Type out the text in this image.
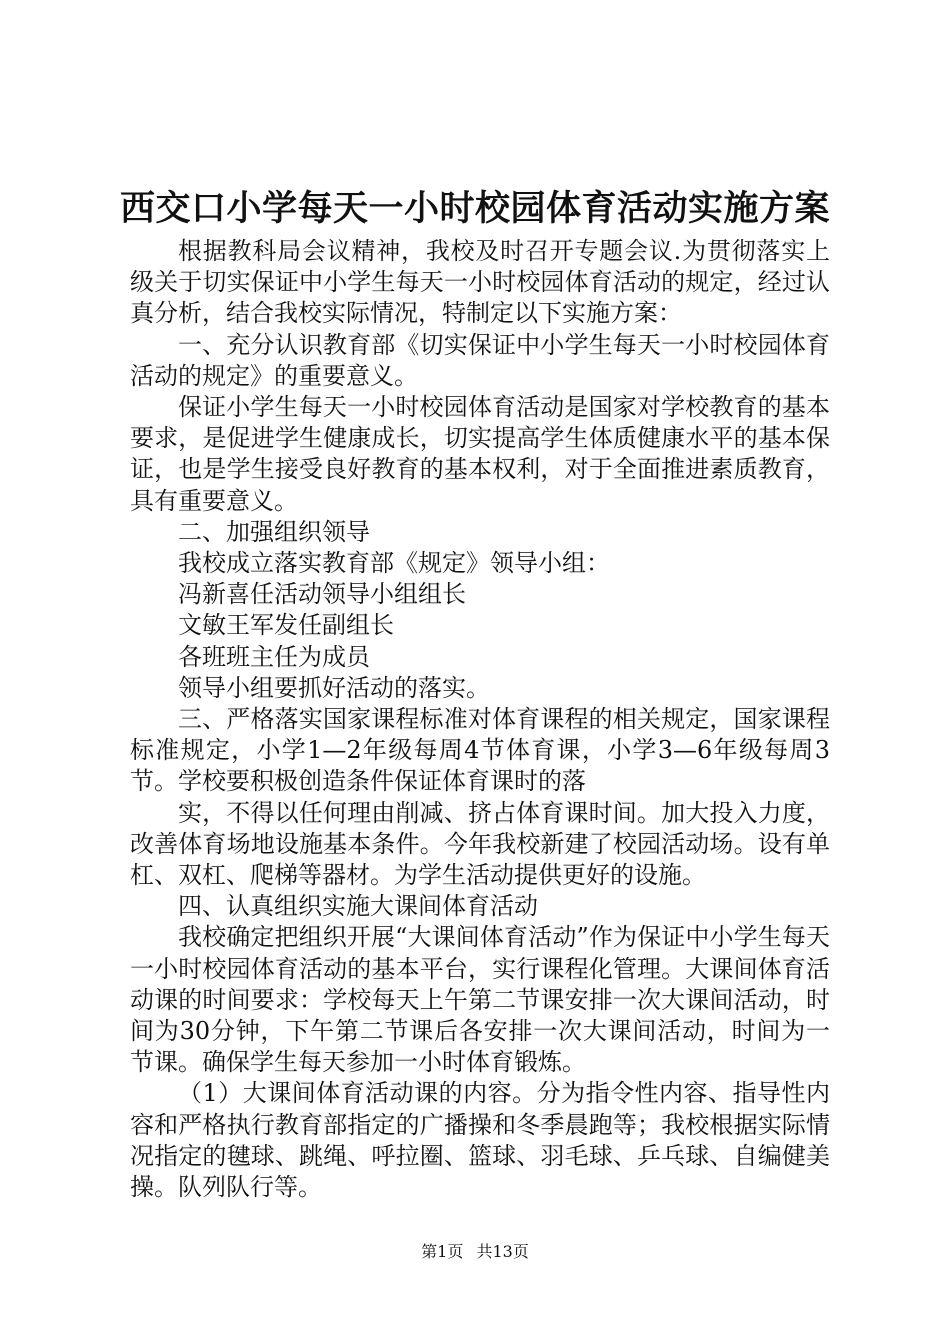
西交口小学每天一小时校园体育活动实施方案

根据教科局会议精神，我校及时召开专题会议.为贯彻落实上级关于切实保证中小学生每天一小时校园体育活动的规定，经过认真分析，结合我校实际情况，特制定以下实施方案：

一、充分认识教育部《切实保证中小学生每天一小时校园体育活动的规定》的重要意义。

保证小学生每天一小时校园体育活动是国家对学校教育的基本要求，是促进学生健康成长，切实提高学生体质健康水平的基本保证，也是学生接受良好教育的基本权利，对于全面推进素质教育，具有重要意义。

二、加强组织领导

我校成立落实教育部《规定》领导小组：

冯新喜任活动领导小组组长

文敏王军发任副组长

各班班主任为成员

领导小组要抓好活动的落实。

三、严格落实国家课程标准对体育课程的相关规定，国家课程标准规定，小学1—2年级每周4节体育课，小学3—6年级每周3节。学校要积极创造条件保证体育课时的落

实，不得以任何理由削减、挤占体育课时间。加大投入力度，改善体育场地设施基本条件。今年我校新建了校园活动场。设有单杠、双杠、爬梯等器材。为学生活动提供更好的设施。

四、认真组织实施大课间体育活动

我校确定把组织开展“大课间体育活动”作为保证中小学生每天一小时校园体育活动的基本平台，实行课程化管理。大课间体育活动课的时间要求：学校每天上午第二节课安排一次大课间活动，时间为30分钟，下午第二节课后各安排一次大课间活动，时间为一节课。确保学生每天参加一小时体育锻炼。

（1）大课间体育活动课的内容。分为指令性内容、指导性内容和严格执行教育部指定的广播操和冬季晨跑等；我校根据实际情况指定的毽球、跳绳、呼拉圈、篮球、羽毛球、乒乓球、自编健美操。队列队行等。

第1页 共13页
